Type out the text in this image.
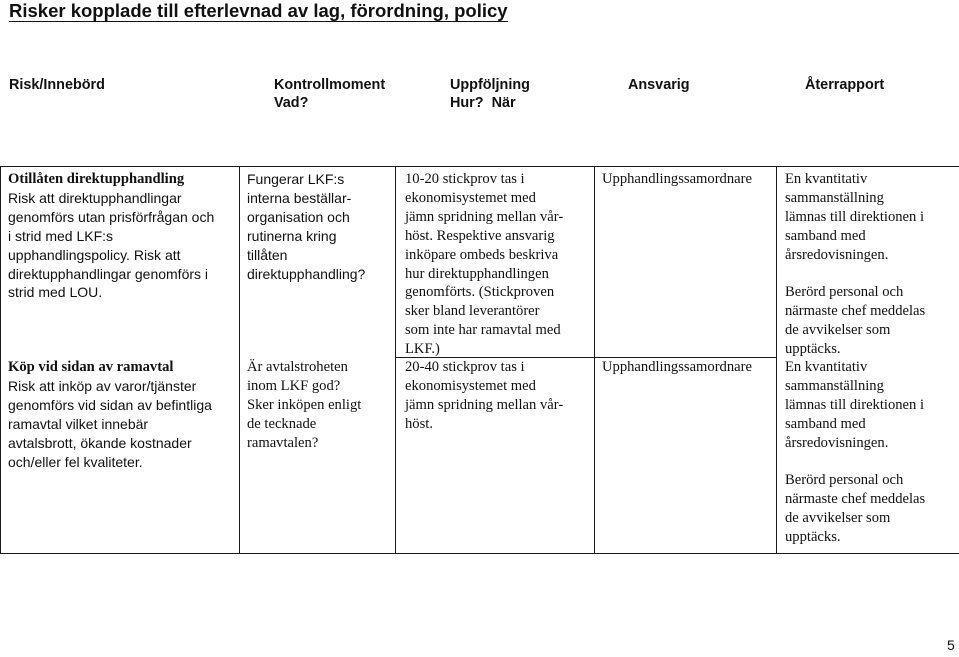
Risker kopplade till efterlevnad av lag, förordning, policy
Risk/Innebörd	Kontrollmoment
Vad?
Uppföljning
Hur?  När
Ansvarig	Återrapport
Otillåten direktupphandling
Risk att direktupphandlingar
genomförs utan prisförfrågan och
i strid med LKF:s
upphandlingspolicy. Risk att
direktupphandlingar genomförs i
strid med LOU.
Fungerar LKF:s
interna beställar-
organisation och
rutinerna kring
tillåten
direktupphandling?
10-20 stickprov tas i
ekonomisystemet med
jämn spridning mellan vår-
höst. Respektive ansvarig
inköpare ombeds beskriva
hur direktupphandlingen
genomförts. (Stickproven
sker bland leverantörer
som inte har ramavtal med
LKF.)
Upphandlingssamordnare En kvantitativ
sammanställning
lämnas till direktionen i
samband med
årsredovisningen.
Berörd personal och
närmaste chef meddelas
de avvikelser som
upptäcks.
Köp vid sidan av ramavtal
Risk att inköp av varor/tjänster
genomförs vid sidan av befintliga
ramavtal vilket innebär
avtalsbrott, ökande kostnader
och/eller fel kvaliteter.
Är avtalstroheten
inom LKF god?
Sker inköpen enligt
de tecknade
ramavtalen?
20-40 stickprov tas i
ekonomisystemet med
jämn spridning mellan vår-
höst.
Upphandlingssamordnare En kvantitativ
sammanställning
lämnas till direktionen i
samband med
årsredovisningen.
Berörd personal och
närmaste chef meddelas
de avvikelser som
upptäcks.
5
